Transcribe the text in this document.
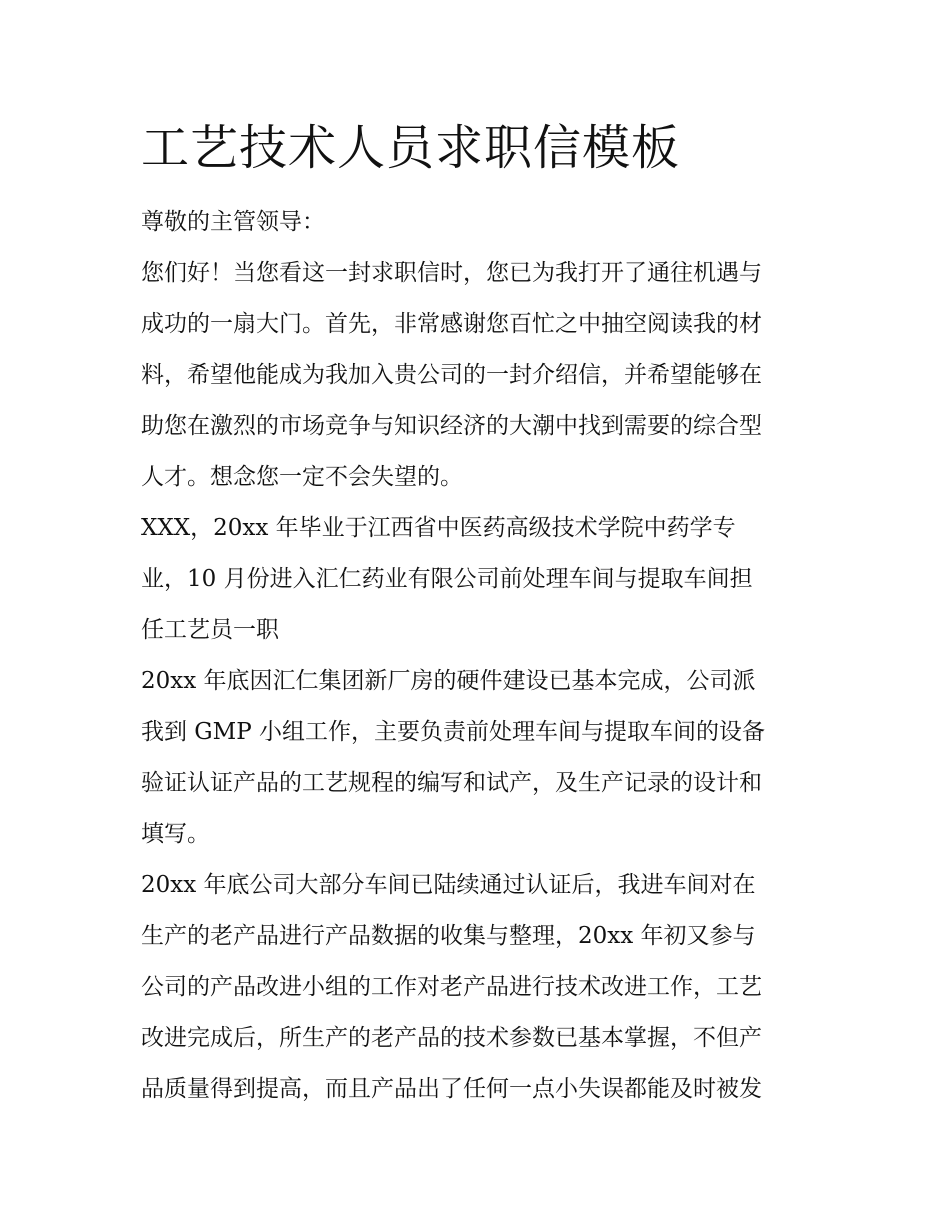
工艺技术人员求职信模板

尊敬的主管领导：

您们好！当您看这一封求职信时，您已为我打开了通往机遇与

成功的一扇大门。首先，非常感谢您百忙之中抽空阅读我的材

料，希望他能成为我加入贵公司的一封介绍信，并希望能够在

助您在激烈的市场竞争与知识经济的大潮中找到需要的综合型

人才。想念您一定不会失望的。

XXX，20xx 年毕业于江西省中医药高级技术学院中药学专

业，10 月份进入汇仁药业有限公司前处理车间与提取车间担

任工艺员一职

20xx 年底因汇仁集团新厂房的硬件建设已基本完成，公司派

我到 GMP 小组工作，主要负责前处理车间与提取车间的设备

验证认证产品的工艺规程的编写和试产，及生产记录的设计和

填写。

20xx 年底公司大部分车间已陆续通过认证后，我进车间对在

生产的老产品进行产品数据的收集与整理，20xx 年初又参与

公司的产品改进小组的工作对老产品进行技术改进工作，工艺

改进完成后，所生产的老产品的技术参数已基本掌握，不但产

品质量得到提高，而且产品出了任何一点小失误都能及时被发
